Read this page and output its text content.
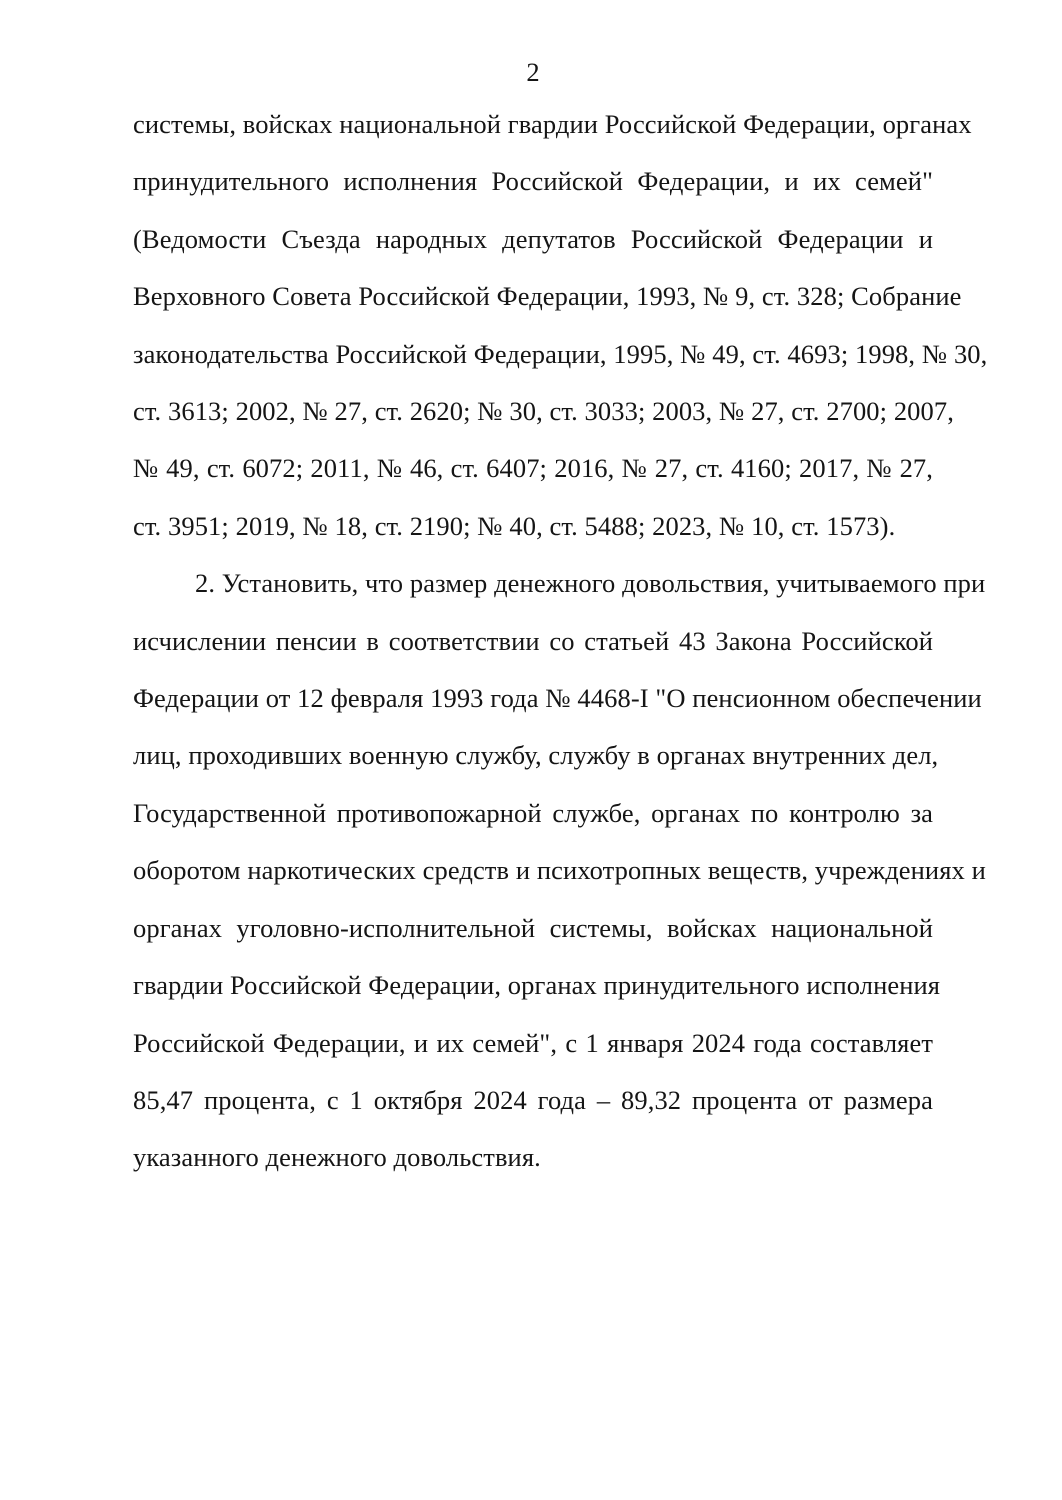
2
системы, войсках национальной гвардии Российской Федерации, органах
принудительного исполнения Российской Федерации, и их семей"
(Ведомости Съезда народных депутатов Российской Федерации и
Верховного Совета Российской Федерации, 1993, № 9, ст. 328; Собрание
законодательства Российской Федерации, 1995, № 49, ст. 4693; 1998, № 30,
ст. 3613; 2002, № 27, ст. 2620; № 30, ст. 3033; 2003, № 27, ст. 2700; 2007,
№ 49, ст. 6072; 2011, № 46, ст. 6407; 2016, № 27, ст. 4160; 2017, № 27,
ст. 3951; 2019, № 18, ст. 2190; № 40, ст. 5488; 2023, № 10, ст. 1573).
2. Установить, что размер денежного довольствия, учитываемого при
исчислении пенсии в соответствии со статьей 43 Закона Российской
Федерации от 12 февраля 1993 года № 4468-I "О пенсионном обеспечении
лиц, проходивших военную службу, службу в органах внутренних дел,
Государственной противопожарной службе, органах по контролю за
оборотом наркотических средств и психотропных веществ, учреждениях и
органах уголовно-исполнительной системы, войсках национальной
гвардии Российской Федерации, органах принудительного исполнения
Российской Федерации, и их семей", с 1 января 2024 года составляет
85,47 процента, с 1 октября 2024 года – 89,32 процента от размера
указанного денежного довольствия.
